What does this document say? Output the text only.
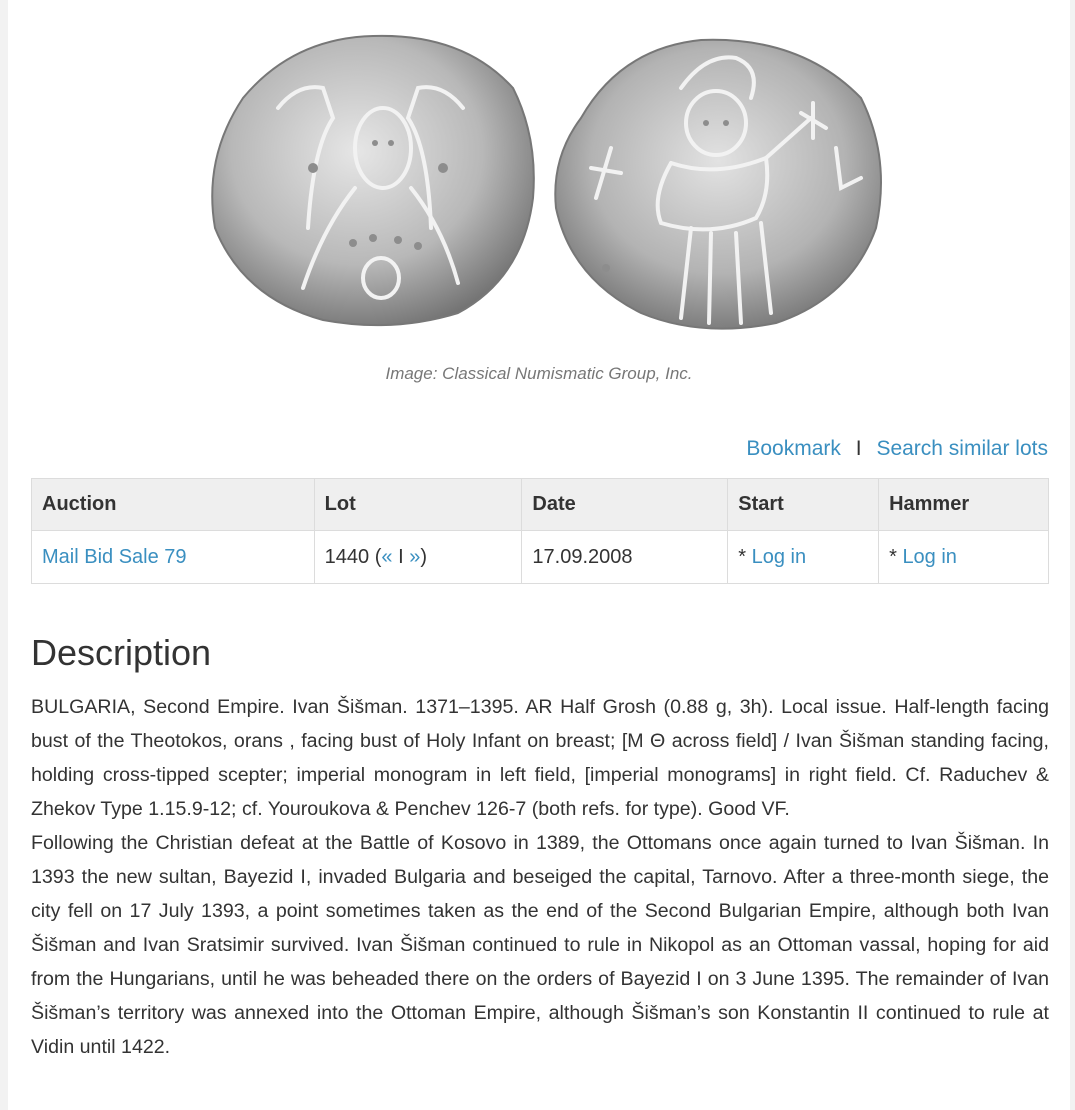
Image: Classical Numismatic Group, Inc.
Bookmark I Search similar lots
Auction	Lot	Date	Start	Hammer
Mail Bid Sale 79	1440 (« I »)	17.09.2008	* Log in	* Log in
Description

BULGARIA, Second Empire. Ivan Šišman. 1371–1395. AR Half Grosh (0.88 g, 3h). Local issue. Half-length facing bust of the Theotokos, orans , facing bust of Holy Infant on breast; [M Θ across field] / Ivan Šišman standing facing, holding cross-tipped scepter; imperial monogram in left field, [imperial monograms] in right field. Cf. Raduchev & Zhekov Type 1.15.9-12; cf. Youroukova & Penchev 126-7 (both refs. for type). Good VF.

Following the Christian defeat at the Battle of Kosovo in 1389, the Ottomans once again turned to Ivan Šišman. In 1393 the new sultan, Bayezid I, invaded Bulgaria and beseiged the capital, Tarnovo. After a three-month siege, the city fell on 17 July 1393, a point sometimes taken as the end of the Second Bulgarian Empire, although both Ivan Šišman and Ivan Sratsimir survived. Ivan Šišman continued to rule in Nikopol as an Ottoman vassal, hoping for aid from the Hungarians, until he was beheaded there on the orders of Bayezid I on 3 June 1395. The remainder of Ivan Šišman’s territory was annexed into the Ottoman Empire, although Šišman’s son Konstantin II continued to rule at Vidin until 1422.
